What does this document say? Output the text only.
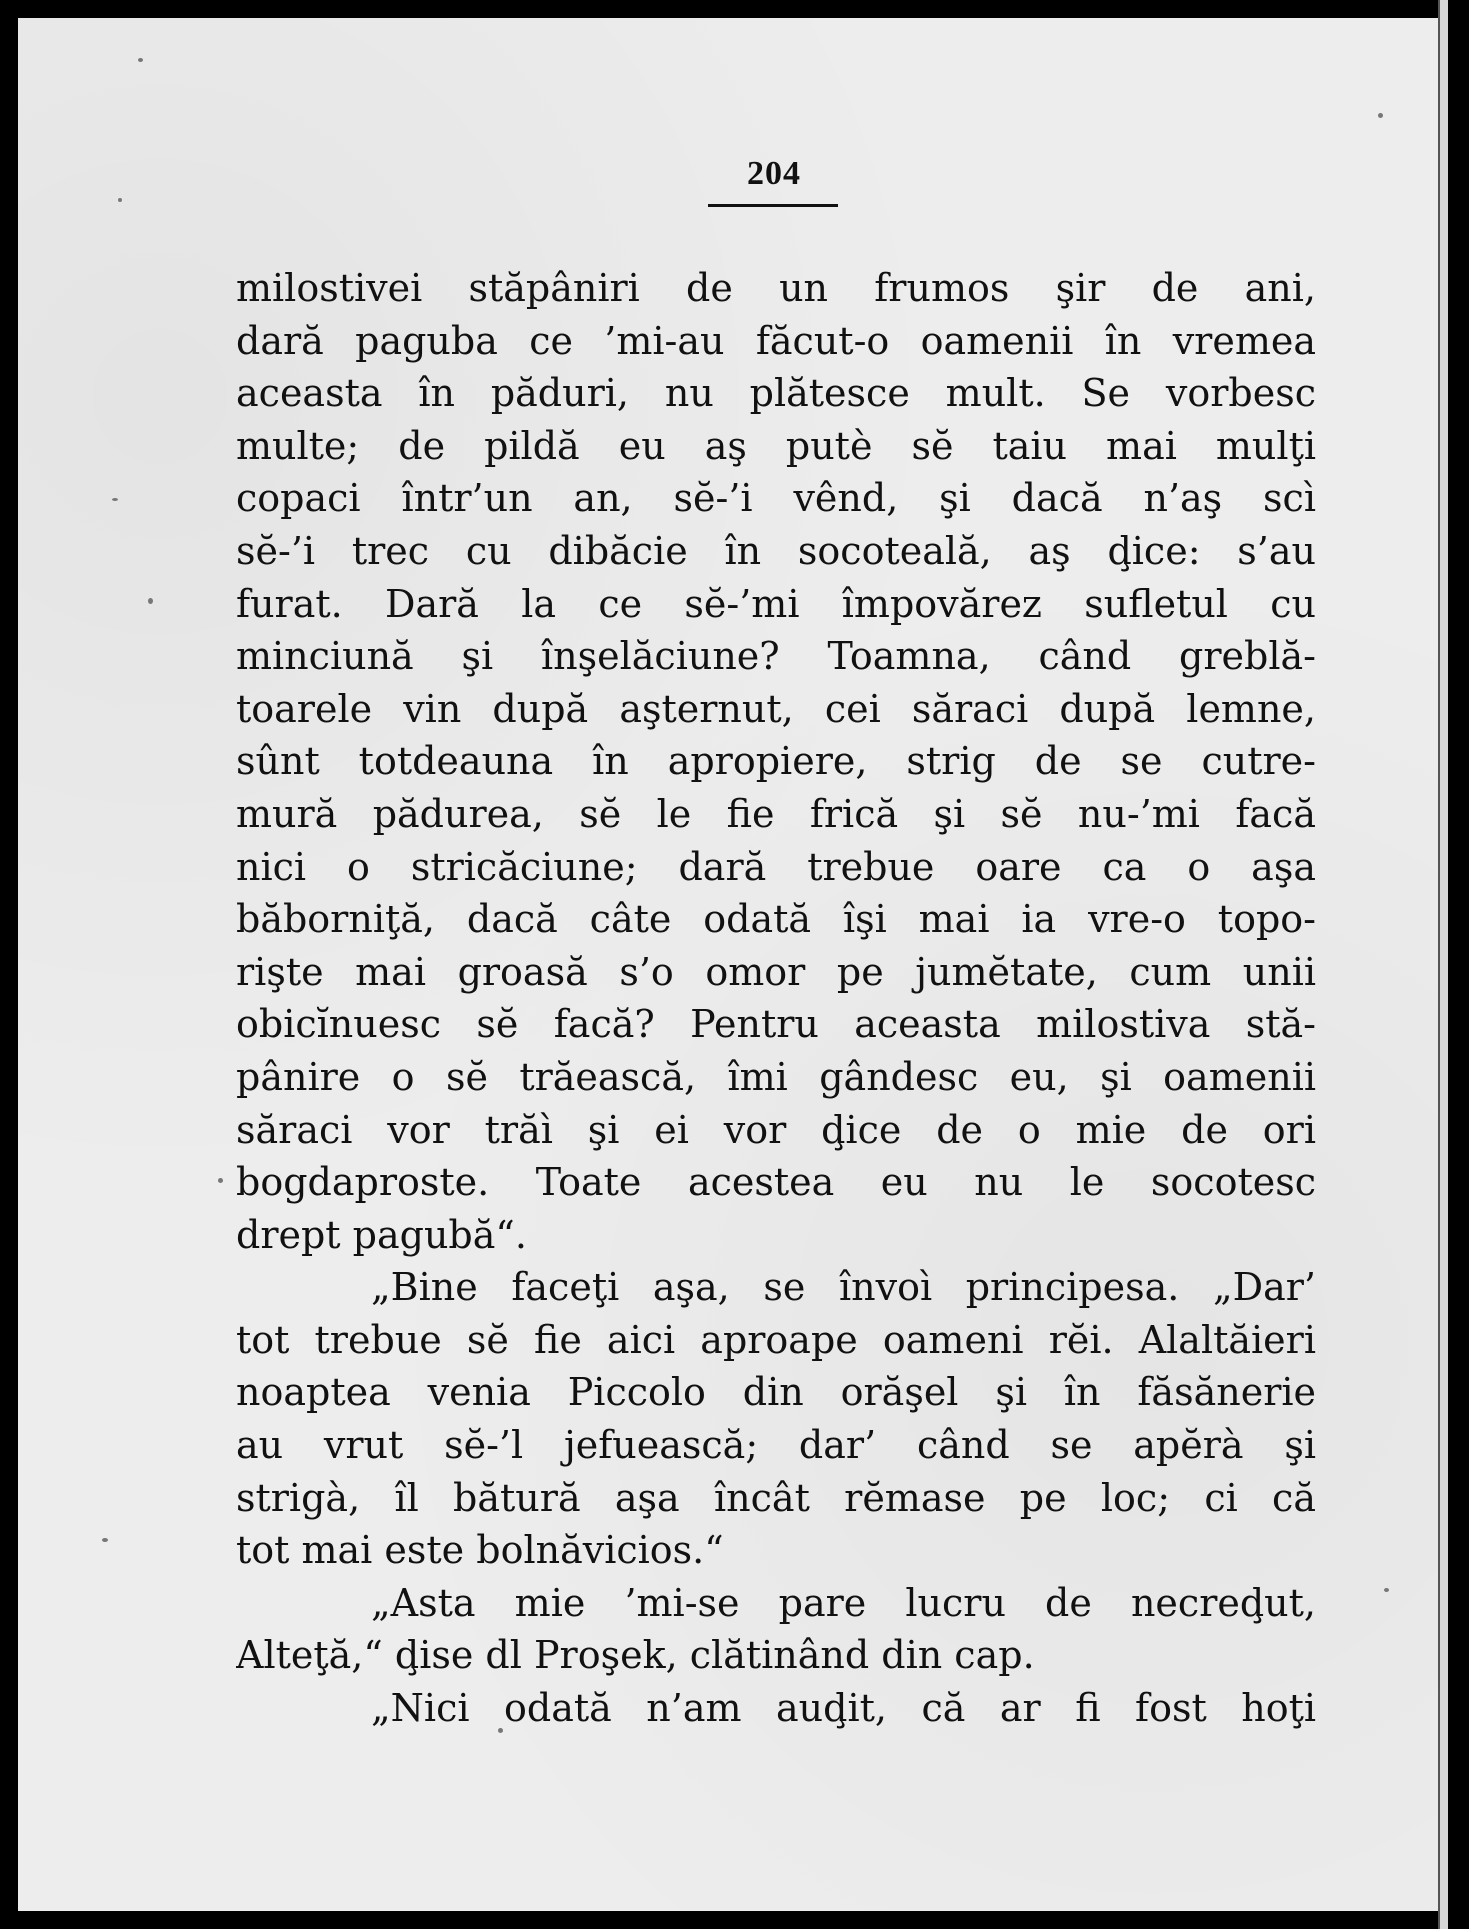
204
milostivei stăpâniri de un frumos şir de ani,
dară paguba ce ’mi-au făcut-o oamenii în vremea
aceasta în păduri, nu plătesce mult. Se vorbesc
multe; de pildă eu aş putè sĕ taiu mai mulţi
copaci într’un an, sĕ-’i vênd, şi dacă n’aş scì
sĕ-’i trec cu dibăcie în socoteală, aş ḑice: s’au
furat. Dară la ce sĕ-’mi împovărez sufletul cu
minciună şi înşelăciune? Toamna, când greblă-
toarele vin după aşternut, cei săraci după lemne,
sûnt totdeauna în apropiere, strig de se cutre-
mură pădurea, sĕ le fie frică şi sĕ nu-’mi facă
nici o stricăciune; dară trebue oare ca o aşa
băborniţă, dacă câte odată îşi mai ia vre-o topo-
rişte mai groasă s’o omor pe jumĕtate, cum unii
obicĭnuesc sĕ facă? Pentru aceasta milostiva stă-
pânire o sĕ trăească, îmi gândesc eu, şi oamenii
săraci vor trăì şi ei vor ḑice de o mie de ori
bogdaproste. Toate acestea eu nu le socotesc
drept pagubă“.
„Bine faceţi aşa, se învoì principesa. „Dar’
tot trebue sĕ fie aici aproape oameni rĕi. Alaltăieri
noaptea venia Piccolo din orăşel şi în făsănerie
au vrut sĕ-’l jefuească; dar’ când se apĕrà şi
strigà, îl bătură aşa încât rĕmase pe loc; ci că
tot mai este bolnăvicios.“
„Asta mie ’mi-se pare lucru de necreḑut,
Alteţă,“ ḑise dl Proşek, clătinând din cap.
„Nici odată n’am auḑit, că ar fi fost hoţi
